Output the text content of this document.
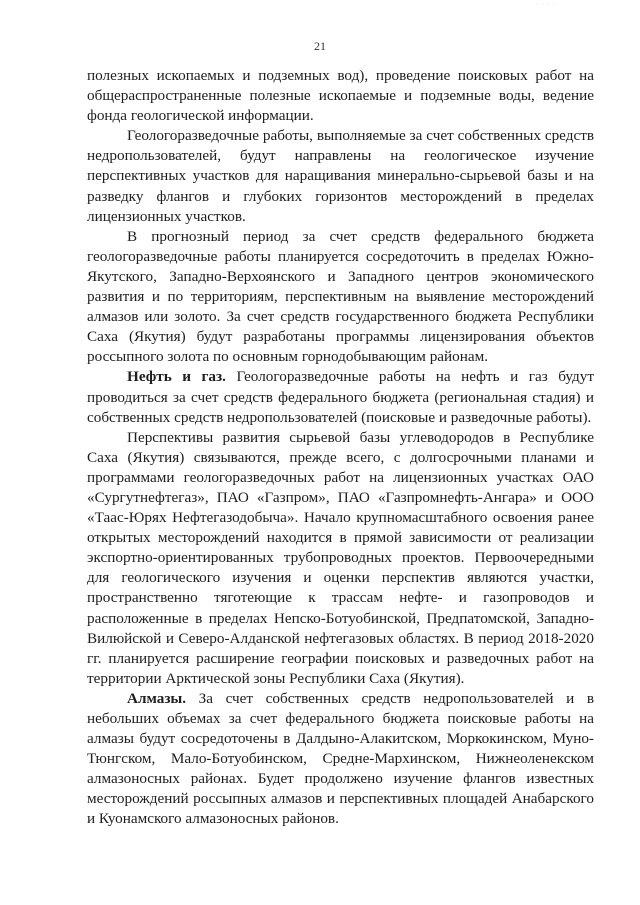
· · · ·
21

полезных ископаемых и подземных вод), проведение поисковых работ на общераспространенные полезные ископаемые и подземные воды, ведение фонда геологической информации.

Геологоразведочные работы, выполняемые за счет собственных средств недропользователей, будут направлены на геологическое изучение перспективных участков для наращивания минерально-сырьевой базы и на разведку флангов и глубоких горизонтов месторождений в пределах лицензионных участков.

В прогнозный период за счет средств федерального бюджета геологоразведочные работы планируется сосредоточить в пределах Южно-Якутского, Западно-Верхоянского и Западного центров экономического развития и по территориям, перспективным на выявление месторождений алмазов или золото. За счет средств государственного бюджета Республики Саха (Якутия) будут разработаны программы лицензирования объектов россыпного золота по основным горнодобывающим районам.

Нефть и газ. Геологоразведочные работы на нефть и газ будут проводиться за счет средств федерального бюджета (региональная стадия) и собственных средств недропользователей (поисковые и разведочные работы).

Перспективы развития сырьевой базы углеводородов в Республике Саха (Якутия) связываются, прежде всего, с долгосрочными планами и программами геологоразведочных работ на лицензионных участках ОАО «Сургутнефтегаз», ПАО «Газпром», ПАО «Газпромнефть-Ангара» и ООО «Таас-Юрях Нефтегазодобыча». Начало крупномасштабного освоения ранее открытых месторождений находится в прямой зависимости от реализации экспортно-ориентированных трубопроводных проектов. Первоочередными для геологического изучения и оценки перспектив являются участки, пространственно тяготеющие к трассам нефте- и газопроводов и расположенные в пределах Непско-Ботуобинской, Предпатомской, Западно-Вилюйской и Северо-Алданской нефтегазовых областях. В период 2018-2020 гг. планируется расширение географии поисковых и разведочных работ на территории Арктической зоны Республики Саха (Якутия).

Алмазы. За счет собственных средств недропользователей и в небольших объемах за счет федерального бюджета поисковые работы на алмазы будут сосредоточены в Далдыно-Алакитском, Моркокинском, Муно-Тюнгском, Мало-Ботуобинском, Средне-Мархинском, Нижнеоленекском алмазоносных районах. Будет продолжено изучение флангов известных месторождений россыпных алмазов и перспективных площадей Анабарского и Куонамского алмазоносных районов.
